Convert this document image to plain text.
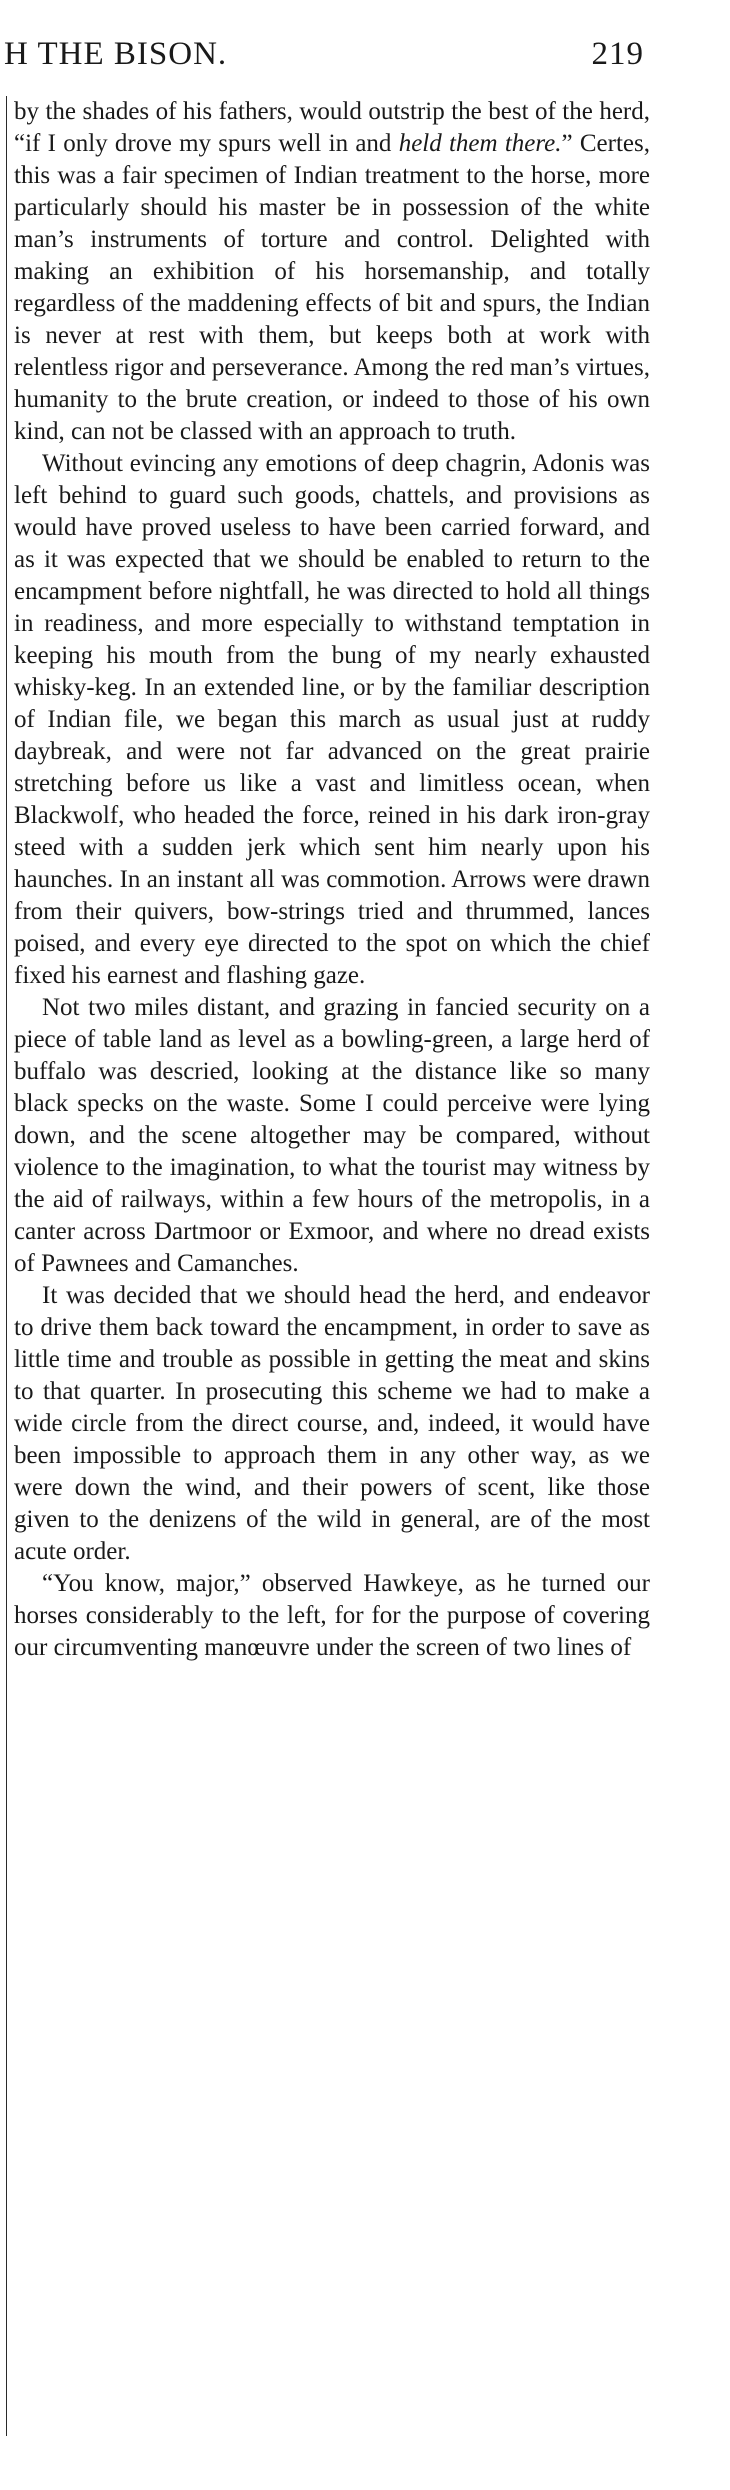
H THE BISON.	219

by the shades of his fathers, would outstrip the best of the herd, “if I only drove my spurs well in and held them there.” Certes, this was a fair specimen of Indian treatment to the horse, more particularly should his master be in possession of the white man’s instruments of torture and control. Delighted with making an exhibition of his horsemanship, and totally regardless of the maddening effects of bit and spurs, the Indian is never at rest with them, but keeps both at work with relentless rigor and perseverance. Among the red man’s virtues, humanity to the brute creation, or indeed to those of his own kind, can not be classed with an approach to truth.

Without evincing any emotions of deep chagrin, Adonis was left behind to guard such goods, chattels, and provisions as would have proved useless to have been carried forward, and as it was expected that we should be enabled to return to the encampment before nightfall, he was directed to hold all things in readiness, and more especially to withstand temptation in keeping his mouth from the bung of my nearly exhausted whisky-keg. In an extended line, or by the familiar description of Indian file, we began this march as usual just at ruddy daybreak, and were not far advanced on the great prairie stretching before us like a vast and limitless ocean, when Blackwolf, who headed the force, reined in his dark iron-gray steed with a sudden jerk which sent him nearly upon his haunches. In an instant all was commotion. Arrows were drawn from their quivers, bow-strings tried and thrummed, lances poised, and every eye directed to the spot on which the chief fixed his earnest and flashing gaze.

Not two miles distant, and grazing in fancied security on a piece of table land as level as a bowling-green, a large herd of buffalo was descried, looking at the distance like so many black specks on the waste. Some I could perceive were lying down, and the scene altogether may be compared, without violence to the imagination, to what the tourist may witness by the aid of railways, within a few hours of the metropolis, in a canter across Dartmoor or Exmoor, and where no dread exists of Pawnees and Camanches.

It was decided that we should head the herd, and endeavor to drive them back toward the encampment, in order to save as little time and trouble as possible in getting the meat and skins to that quarter. In prosecuting this scheme we had to make a wide circle from the direct course, and, indeed, it would have been impossible to approach them in any other way, as we were down the wind, and their powers of scent, like those given to the denizens of the wild in general, are of the most acute order.

“You know, major,” observed Hawkeye, as he turned our horses considerably to the left, for for the purpose of covering our circumventing manœuvre under the screen of two lines of
